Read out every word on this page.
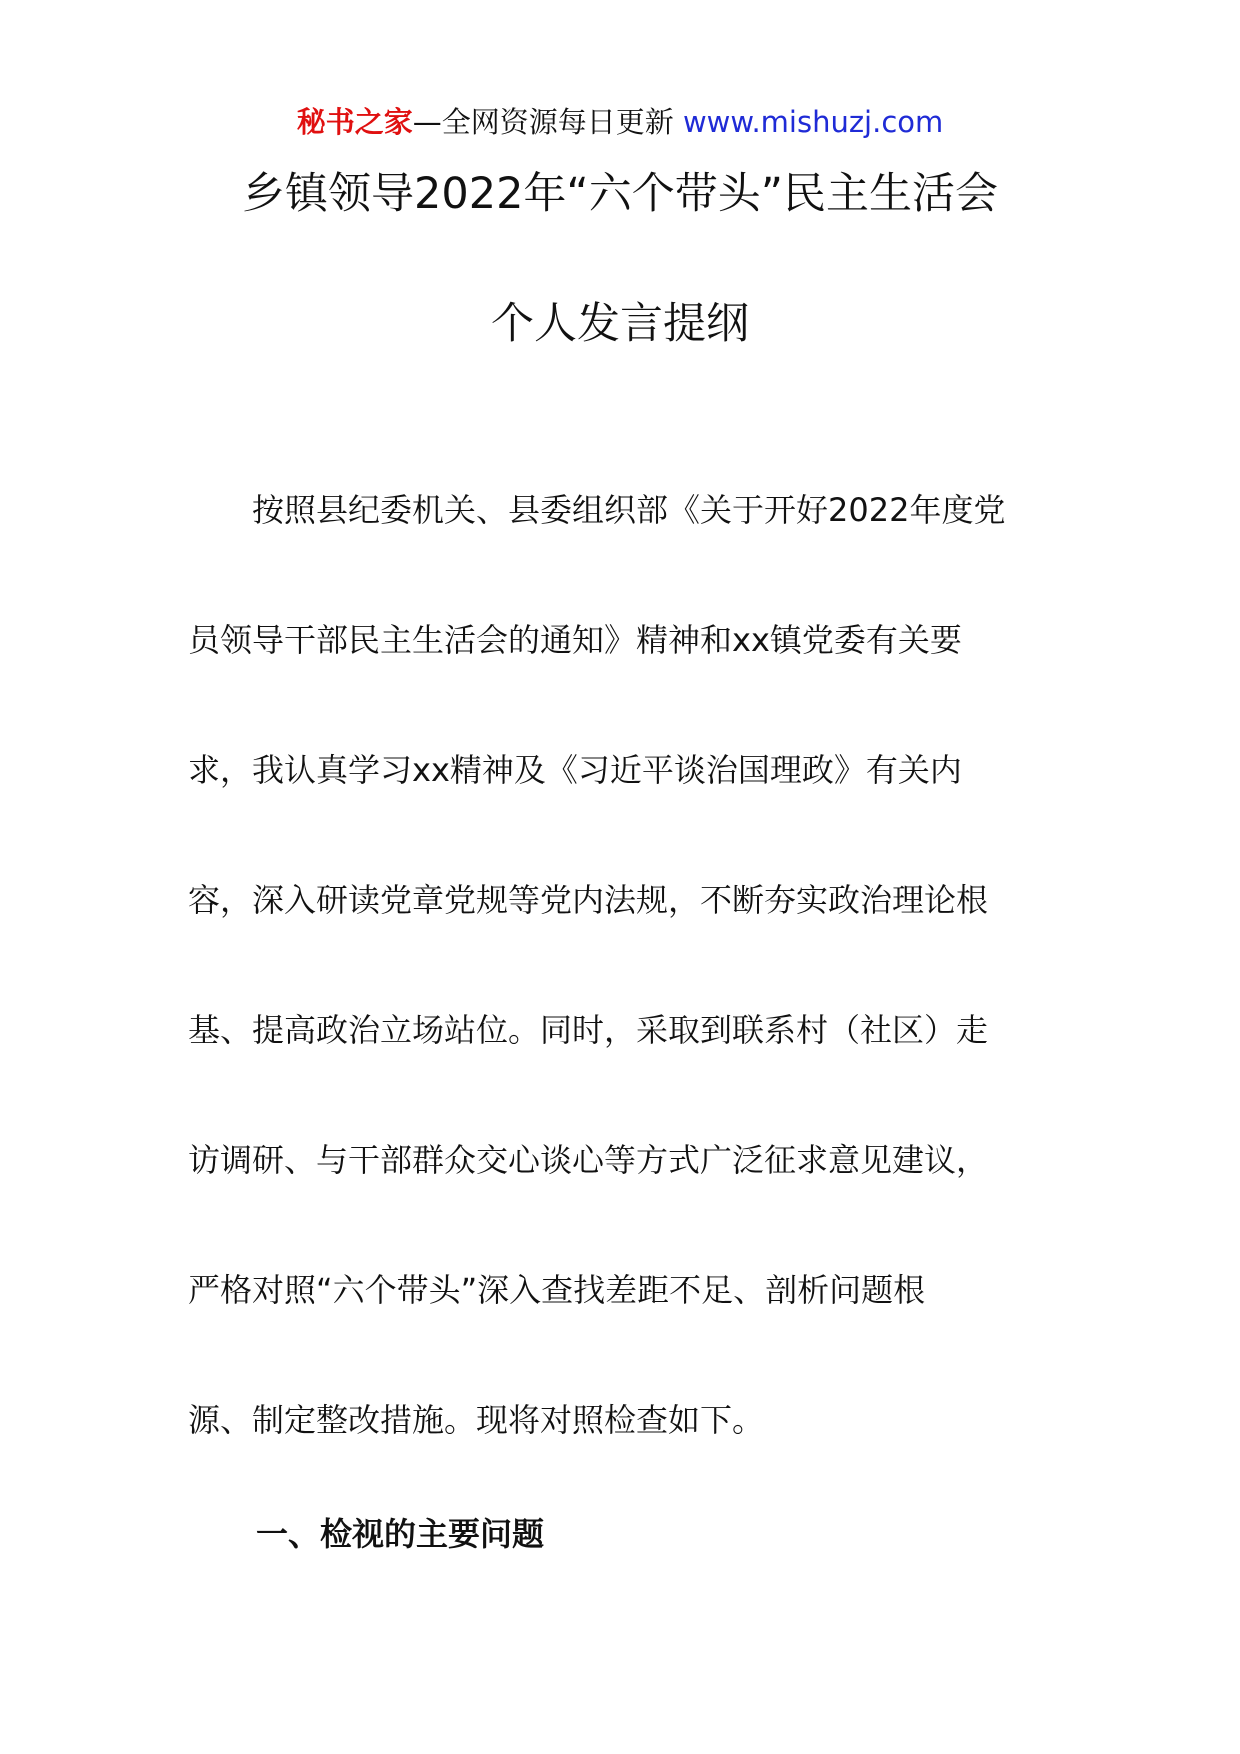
秘书之家—全网资源每日更新 www.mishuzj.com
乡镇领导2022年“六个带头”民主生活会
个人发言提纲
　　按照县纪委机关、县委组织部《关于开好2022年度党
员领导干部民主生活会的通知》精神和xx镇党委有关要
求，我认真学习xx精神及《习近平谈治国理政》有关内
容，深入研读党章党规等党内法规，不断夯实政治理论根
基、提高政治立场站位。同时，采取到联系村（社区）走
访调研、与干部群众交心谈心等方式广泛征求意见建议，
严格对照“六个带头”深入查找差距不足、剖析问题根
源、制定整改措施。现将对照检查如下。
一、检视的主要问题
